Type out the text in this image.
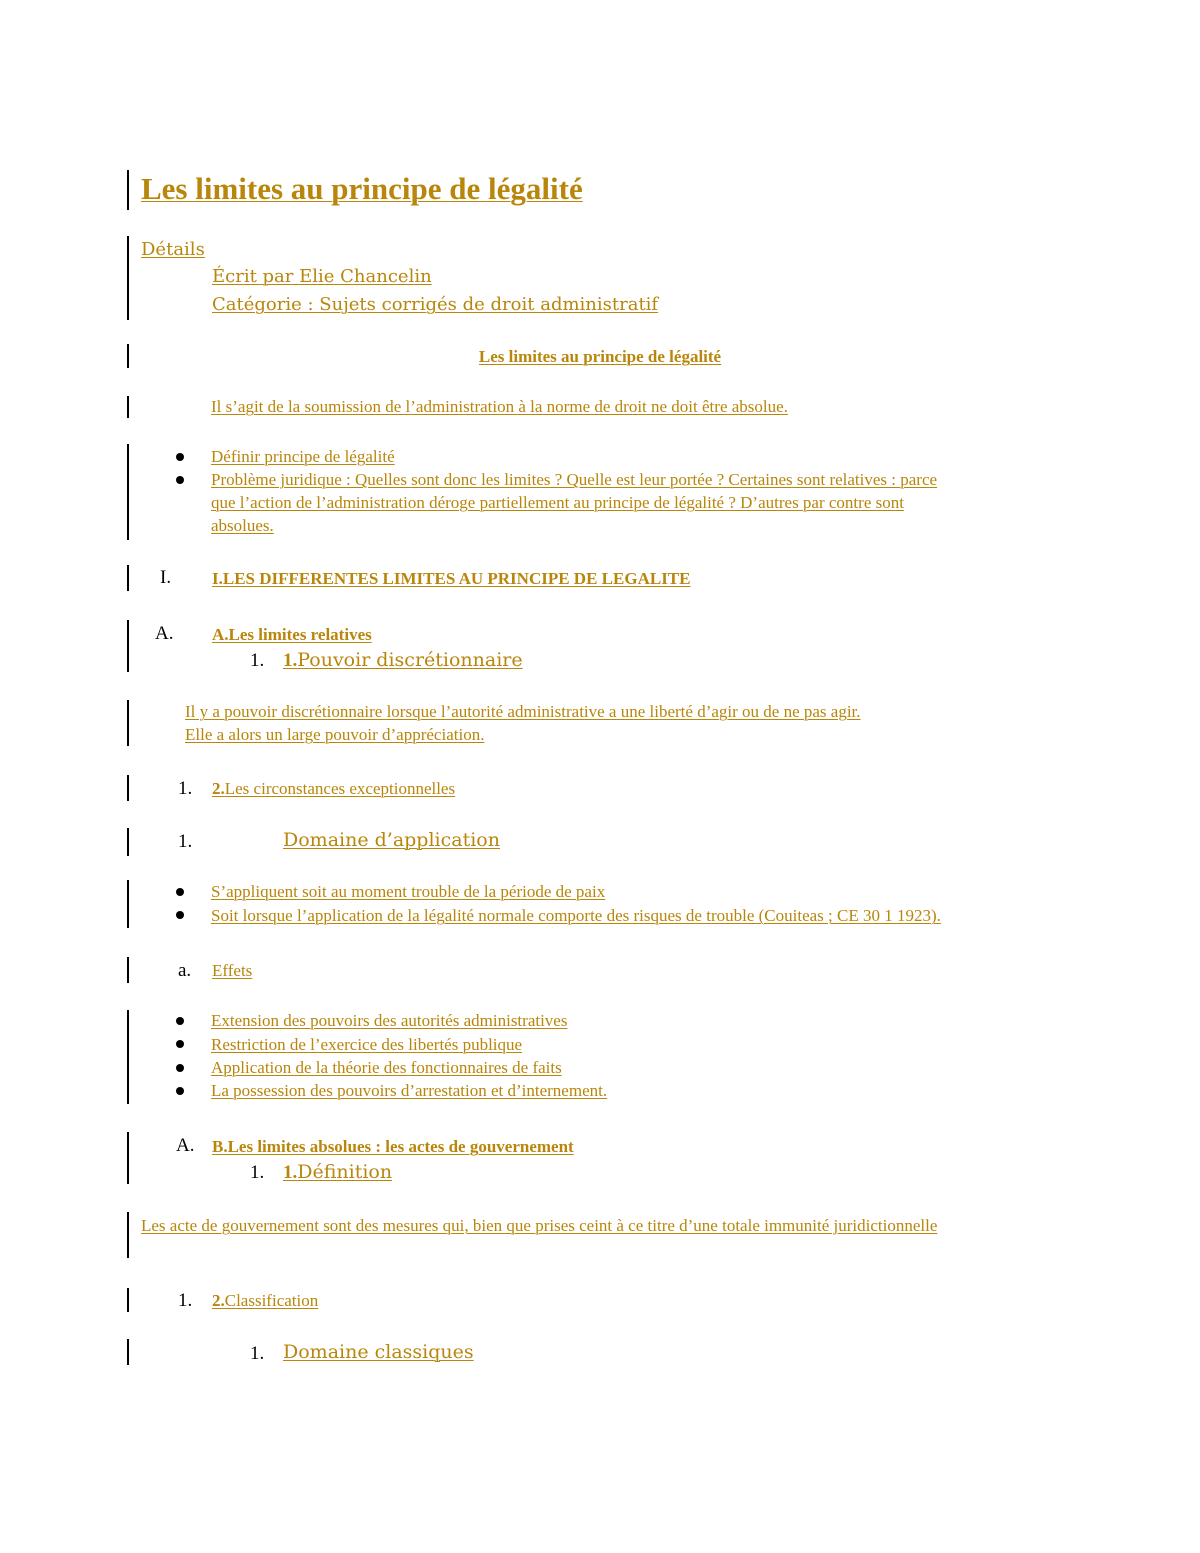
Les limites au principe de légalité
Détails
Écrit par Elie Chancelin
Catégorie : Sujets corrigés de droit administratif
Les limites au principe de légalité
Il s’agit de la soumission de l’administration à la norme de droit ne doit être absolue.
Définir principe de légalité
Problème juridique : Quelles sont donc les limites ? Quelle est leur portée ? Certaines sont relatives : parce
que l’action de l’administration déroge partiellement au principe de légalité ? D’autres par contre sont
absolues.
I. I.LES DIFFERENTES LIMITES AU PRINCIPE DE LEGALITE
A. A.Les limites relatives
1. 1.Pouvoir discrétionnaire
Il y a pouvoir discrétionnaire lorsque l’autorité administrative a une liberté d’agir ou de ne pas agir.
Elle a alors un large pouvoir d’appréciation.
1. 2.Les circonstances exceptionnelles
1.	Domaine d’application
S’appliquent soit au moment trouble de la période de paix
Soit lorsque l’application de la légalité normale comporte des risques de trouble (Couiteas ; CE 30 1 1923).
a. Effets
Extension des pouvoirs des autorités administratives
Restriction de l’exercice des libertés publique
Application de la théorie des fonctionnaires de faits
La possession des pouvoirs d’arrestation et d’internement.
A. B.Les limites absolues : les actes de gouvernement
1. 1.Définition
Les acte de gouvernement sont des mesures qui, bien que prises ceint à ce titre d’une totale immunité juridictionnelle
1. 2.Classification
1. Domaine classiques
